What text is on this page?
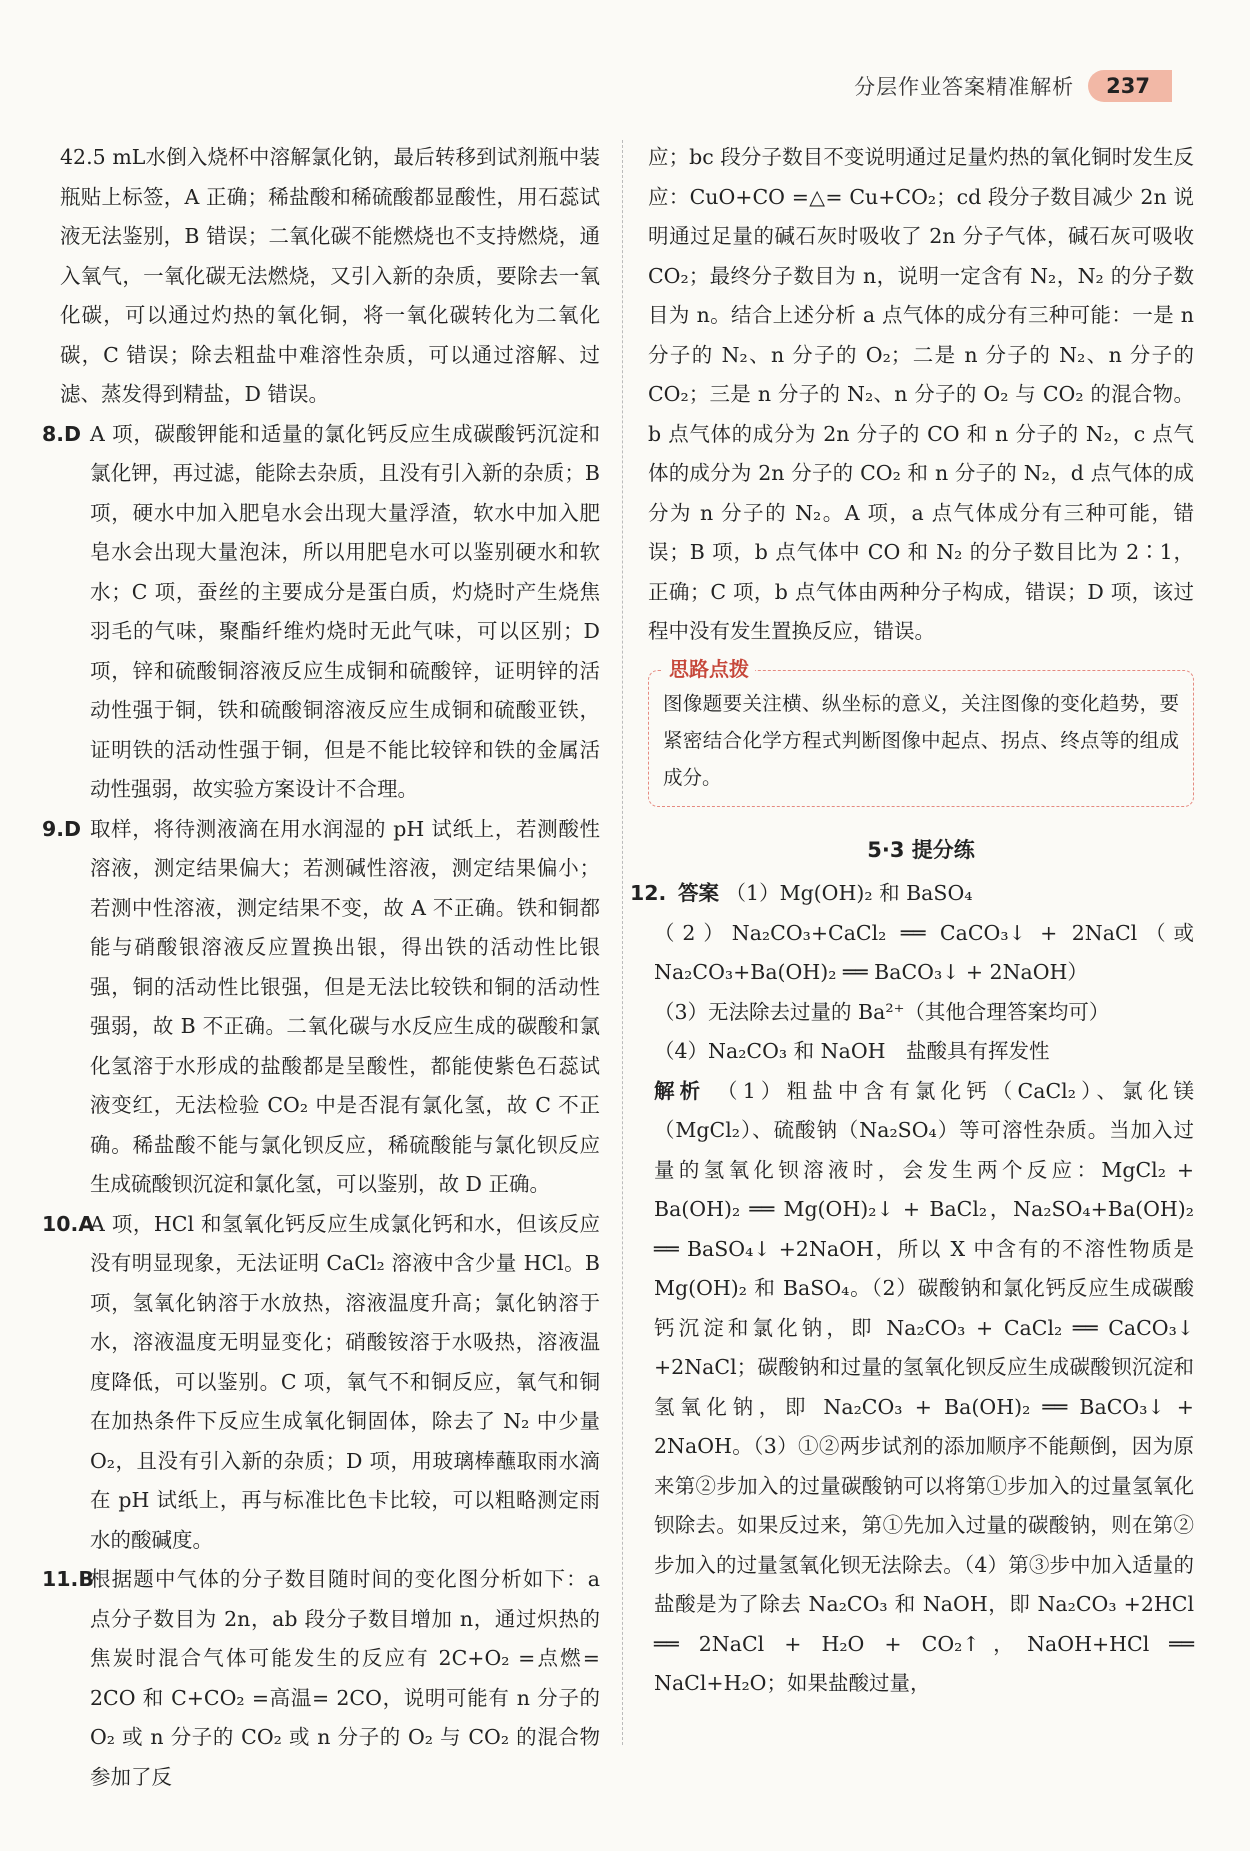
分层作业答案精准解析	237

42.5 mL水倒入烧杯中溶解氯化钠，最后转移到试剂瓶中装瓶贴上标签，A 正确；稀盐酸和稀硫酸都显酸性，用石蕊试液无法鉴别，B 错误；二氧化碳不能燃烧也不支持燃烧，通入氧气，一氧化碳无法燃烧，又引入新的杂质，要除去一氧化碳，可以通过灼热的氧化铜，将一氧化碳转化为二氧化碳，C 错误；除去粗盐中难溶性杂质，可以通过溶解、过滤、蒸发得到精盐，D 错误。

8.D A 项，碳酸钾能和适量的氯化钙反应生成碳酸钙沉淀和氯化钾，再过滤，能除去杂质，且没有引入新的杂质；B 项，硬水中加入肥皂水会出现大量浮渣，软水中加入肥皂水会出现大量泡沫，所以用肥皂水可以鉴别硬水和软水；C 项，蚕丝的主要成分是蛋白质，灼烧时产生烧焦羽毛的气味，聚酯纤维灼烧时无此气味，可以区别；D 项，锌和硫酸铜溶液反应生成铜和硫酸锌，证明锌的活动性强于铜，铁和硫酸铜溶液反应生成铜和硫酸亚铁，证明铁的活动性强于铜，但是不能比较锌和铁的金属活动性强弱，故实验方案设计不合理。
9.D 取样，将待测液滴在用水润湿的 pH 试纸上，若测酸性溶液，测定结果偏大；若测碱性溶液，测定结果偏小；若测中性溶液，测定结果不变，故 A 不正确。铁和铜都能与硝酸银溶液反应置换出银，得出铁的活动性比银强，铜的活动性比银强，但是无法比较铁和铜的活动性强弱，故 B 不正确。二氧化碳与水反应生成的碳酸和氯化氢溶于水形成的盐酸都是呈酸性，都能使紫色石蕊试液变红，无法检验 CO₂ 中是否混有氯化氢，故 C 不正确。稀盐酸不能与氯化钡反应，稀硫酸能与氯化钡反应生成硫酸钡沉淀和氯化氢，可以鉴别，故 D 正确。
10.A
A 项，HCl 和氢氧化钙反应生成氯化钙和水，但该反应没有明显现象，无法证明 CaCl₂ 溶液中含少量 HCl。B 项，氢氧化钠溶于水放热，溶液温度升高；氯化钠溶于水，溶液温度无明显变化；硝酸铵溶于水吸热，溶液温度降低，可以鉴别。C 项，氧气不和铜反应，氧气和铜在加热条件下反应生成氧化铜固体，除去了 N₂ 中少量 O₂，且没有引入新的杂质；D 项，用玻璃棒蘸取雨水滴在 pH 试纸上，再与标准比色卡比较，可以粗略测定雨水的酸碱度。
11.B
根据题中气体的分子数目随时间的变化图分析如下：a 点分子数目为 2n，ab 段分子数目增加 n，通过炽热的焦炭时混合气体可能发生的反应有 2C+O₂ =点燃= 2CO 和 C+CO₂ =高温= 2CO，说明可能有 n 分子的 O₂ 或 n 分子的 CO₂ 或 n 分子的 O₂ 与 CO₂ 的混合物参加了反

应；bc 段分子数目不变说明通过足量灼热的氧化铜时发生反应：CuO+CO =△= Cu+CO₂；cd 段分子数目减少 2n 说明通过足量的碱石灰时吸收了 2n 分子气体，碱石灰可吸收 CO₂；最终分子数目为 n，说明一定含有 N₂，N₂ 的分子数目为 n。结合上述分析 a 点气体的成分有三种可能：一是 n 分子的 N₂、n 分子的 O₂；二是 n 分子的 N₂、n 分子的 CO₂；三是 n 分子的 N₂、n 分子的 O₂ 与 CO₂ 的混合物。b 点气体的成分为 2n 分子的 CO 和 n 分子的 N₂，c 点气体的成分为 2n 分子的 CO₂ 和 n 分子的 N₂，d 点气体的成分为 n 分子的 N₂。A 项，a 点气体成分有三种可能，错误；B 项，b 点气体中 CO 和 N₂ 的分子数目比为 2∶1，正确；C 项，b 点气体由两种分子构成，错误；D 项，该过程中没有发生置换反应，错误。

思路点拨
图像题要关注横、纵坐标的意义，关注图像的变化趋势，要紧密结合化学方程式判断图像中起点、拐点、终点等的组成成分。
5·3 提分练
12. 答案 （1）Mg(OH)₂ 和 BaSO₄
（2）Na₂CO₃+CaCl₂ ══ CaCO₃↓ + 2NaCl（或 Na₂CO₃+Ba(OH)₂ ══ BaCO₃↓ + 2NaOH）
（3）无法除去过量的 Ba²⁺（其他合理答案均可）
（4）Na₂CO₃ 和 NaOH　盐酸具有挥发性
解析 （1）粗盐中含有氯化钙（CaCl₂）、氯化镁（MgCl₂）、硫酸钠（Na₂SO₄）等可溶性杂质。当加入过量的氢氧化钡溶液时，会发生两个反应：MgCl₂ + Ba(OH)₂ ══ Mg(OH)₂↓ + BaCl₂，Na₂SO₄+Ba(OH)₂ ══ BaSO₄↓ +2NaOH，所以 X 中含有的不溶性物质是 Mg(OH)₂ 和 BaSO₄。（2）碳酸钠和氯化钙反应生成碳酸钙沉淀和氯化钠，即 Na₂CO₃ + CaCl₂ ══ CaCO₃↓ +2NaCl；碳酸钠和过量的氢氧化钡反应生成碳酸钡沉淀和氢氧化钠，即 Na₂CO₃ + Ba(OH)₂ ══ BaCO₃↓ + 2NaOH。（3）①②两步试剂的添加顺序不能颠倒，因为原来第②步加入的过量碳酸钠可以将第①步加入的过量氢氧化钡除去。如果反过来，第①先加入过量的碳酸钠，则在第②步加入的过量氢氧化钡无法除去。（4）第③步中加入适量的盐酸是为了除去 Na₂CO₃ 和 NaOH，即 Na₂CO₃ +2HCl ══ 2NaCl + H₂O + CO₂↑，NaOH+HCl ══ NaCl+H₂O；如果盐酸过量，
